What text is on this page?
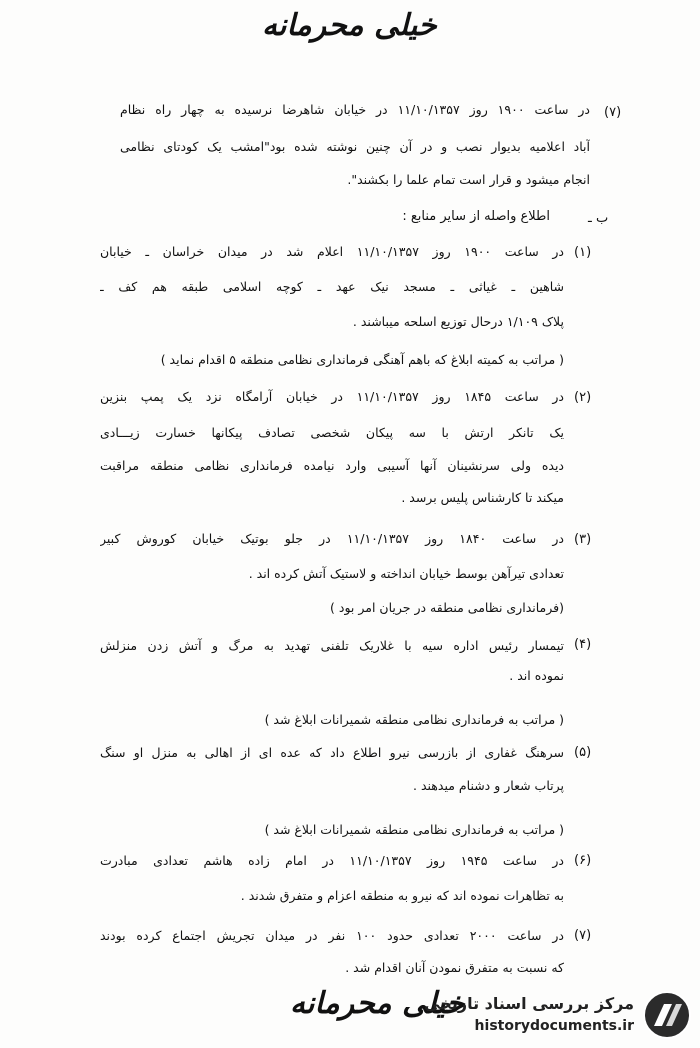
خیلی محرمانه
(۷)
در ساعت ۱۹۰۰ روز ۱۱/۱۰/۱۳۵۷ در خیابان شاهرضا نرسیده به چهار راه نظام
آباد اعلامیه بدیوار نصب و در آن چنین نوشته شده بود"امشب یک کودتای نظامی
انجام میشود و قرار است تمام علما را بکشند".
ب ـ
اطلاع واصله از سایر منابع :
(۱)
در ساعت ۱۹۰۰ روز ۱۱/۱۰/۱۳۵۷ اعلام شد در میدان خراسان ـ خیابان
شاهین ـ غیاثی ـ مسجد نیک عهد ـ کوچه اسلامی طبقه هم کف ـ
پلاک ۱/۱۰۹ درحال توزیع اسلحه میباشند .
( مراتب به کمیته ابلاغ که باهم آهنگی فرمانداری نظامی منطقه ۵ اقدام نماید )
(۲)
در ساعت ۱۸۴۵ روز ۱۱/۱۰/۱۳۵۷ در خیابان آرامگاه نزد یک پمپ بنزین
یک تانکر ارتش با سه پیکان شخصی تصادف پیکانها خسارت زیـــادی
دیده ولی سرنشینان آنها آسیبی وارد نیامده فرمانداری نظامی منطقه مراقبت
میکند تا کارشناس پلیس برسد .
(۳)
در ساعت ۱۸۴۰ روز ۱۱/۱۰/۱۳۵۷ در جلو بوتیک خیابان کوروش کبیر
تعدادی تیرآهن بوسط خیابان انداخته و لاستیک آتش کرده اند .
(فرمانداری نظامی منطقه در جریان امر بود )
(۴)
تیمسار رئیس اداره سیه با غلاریک تلفنی تهدید به مرگ و آتش زدن منزلش
نموده اند .
( مراتب به فرمانداری نظامی منطقه شمیرانات ابلاغ شد )
(۵)
سرهنگ غفاری از بازرسی نیرو اطلاع داد که عده ای از اهالی به منزل او سنگ
پرتاب شعار و دشنام میدهند .
( مراتب به فرمانداری نظامی منطقه شمیرانات ابلاغ شد )
(۶)
در ساعت ۱۹۴۵ روز ۱۱/۱۰/۱۳۵۷ در امام زاده هاشم تعدادی مبادرت
به تظاهرات نموده اند که نیرو به منطقه اعزام و متفرق شدند .
(۷)
در ساعت ۲۰۰۰ تعدادی حدود ۱۰۰ نفر در میدان تجریش اجتماع کرده بودند
که نسبت به متفرق نمودن آنان اقدام شد .
خیلی محرمانه
مرکز بررسی اسناد تاریخی
historydocuments.ir
